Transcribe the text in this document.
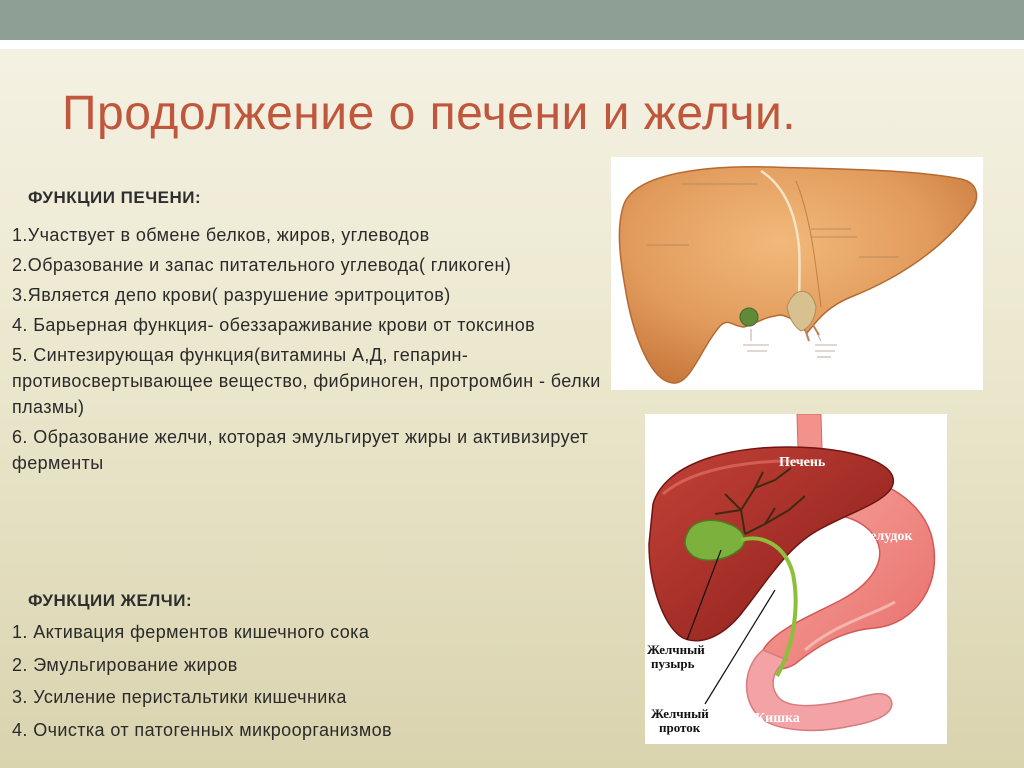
Продолжение о печени и желчи.
ФУНКЦИИ ПЕЧЕНИ:
1.Участвует в обмене белков, жиров, углеводов
2.Образование и запас питательного углевода( гликоген)
3.Является депо крови( разрушение эритроцитов)
4. Барьерная функция- обеззараживание крови от токсинов
5. Синтезирующая функция(витамины А,Д, гепарин-противосвертывающее вещество, фибриноген, протромбин - белки плазмы)
6. Образование желчи, которая эмульгирует жиры и активизирует ферменты
ФУНКЦИИ ЖЕЛЧИ:
1. Активация ферментов кишечного сока
2. Эмульгирование жиров
3. Усиление перистальтики кишечника
4. Очистка от патогенных микроорганизмов
Печень
Желудок
Желчный
пузырь
Желчный
проток
Кишка
